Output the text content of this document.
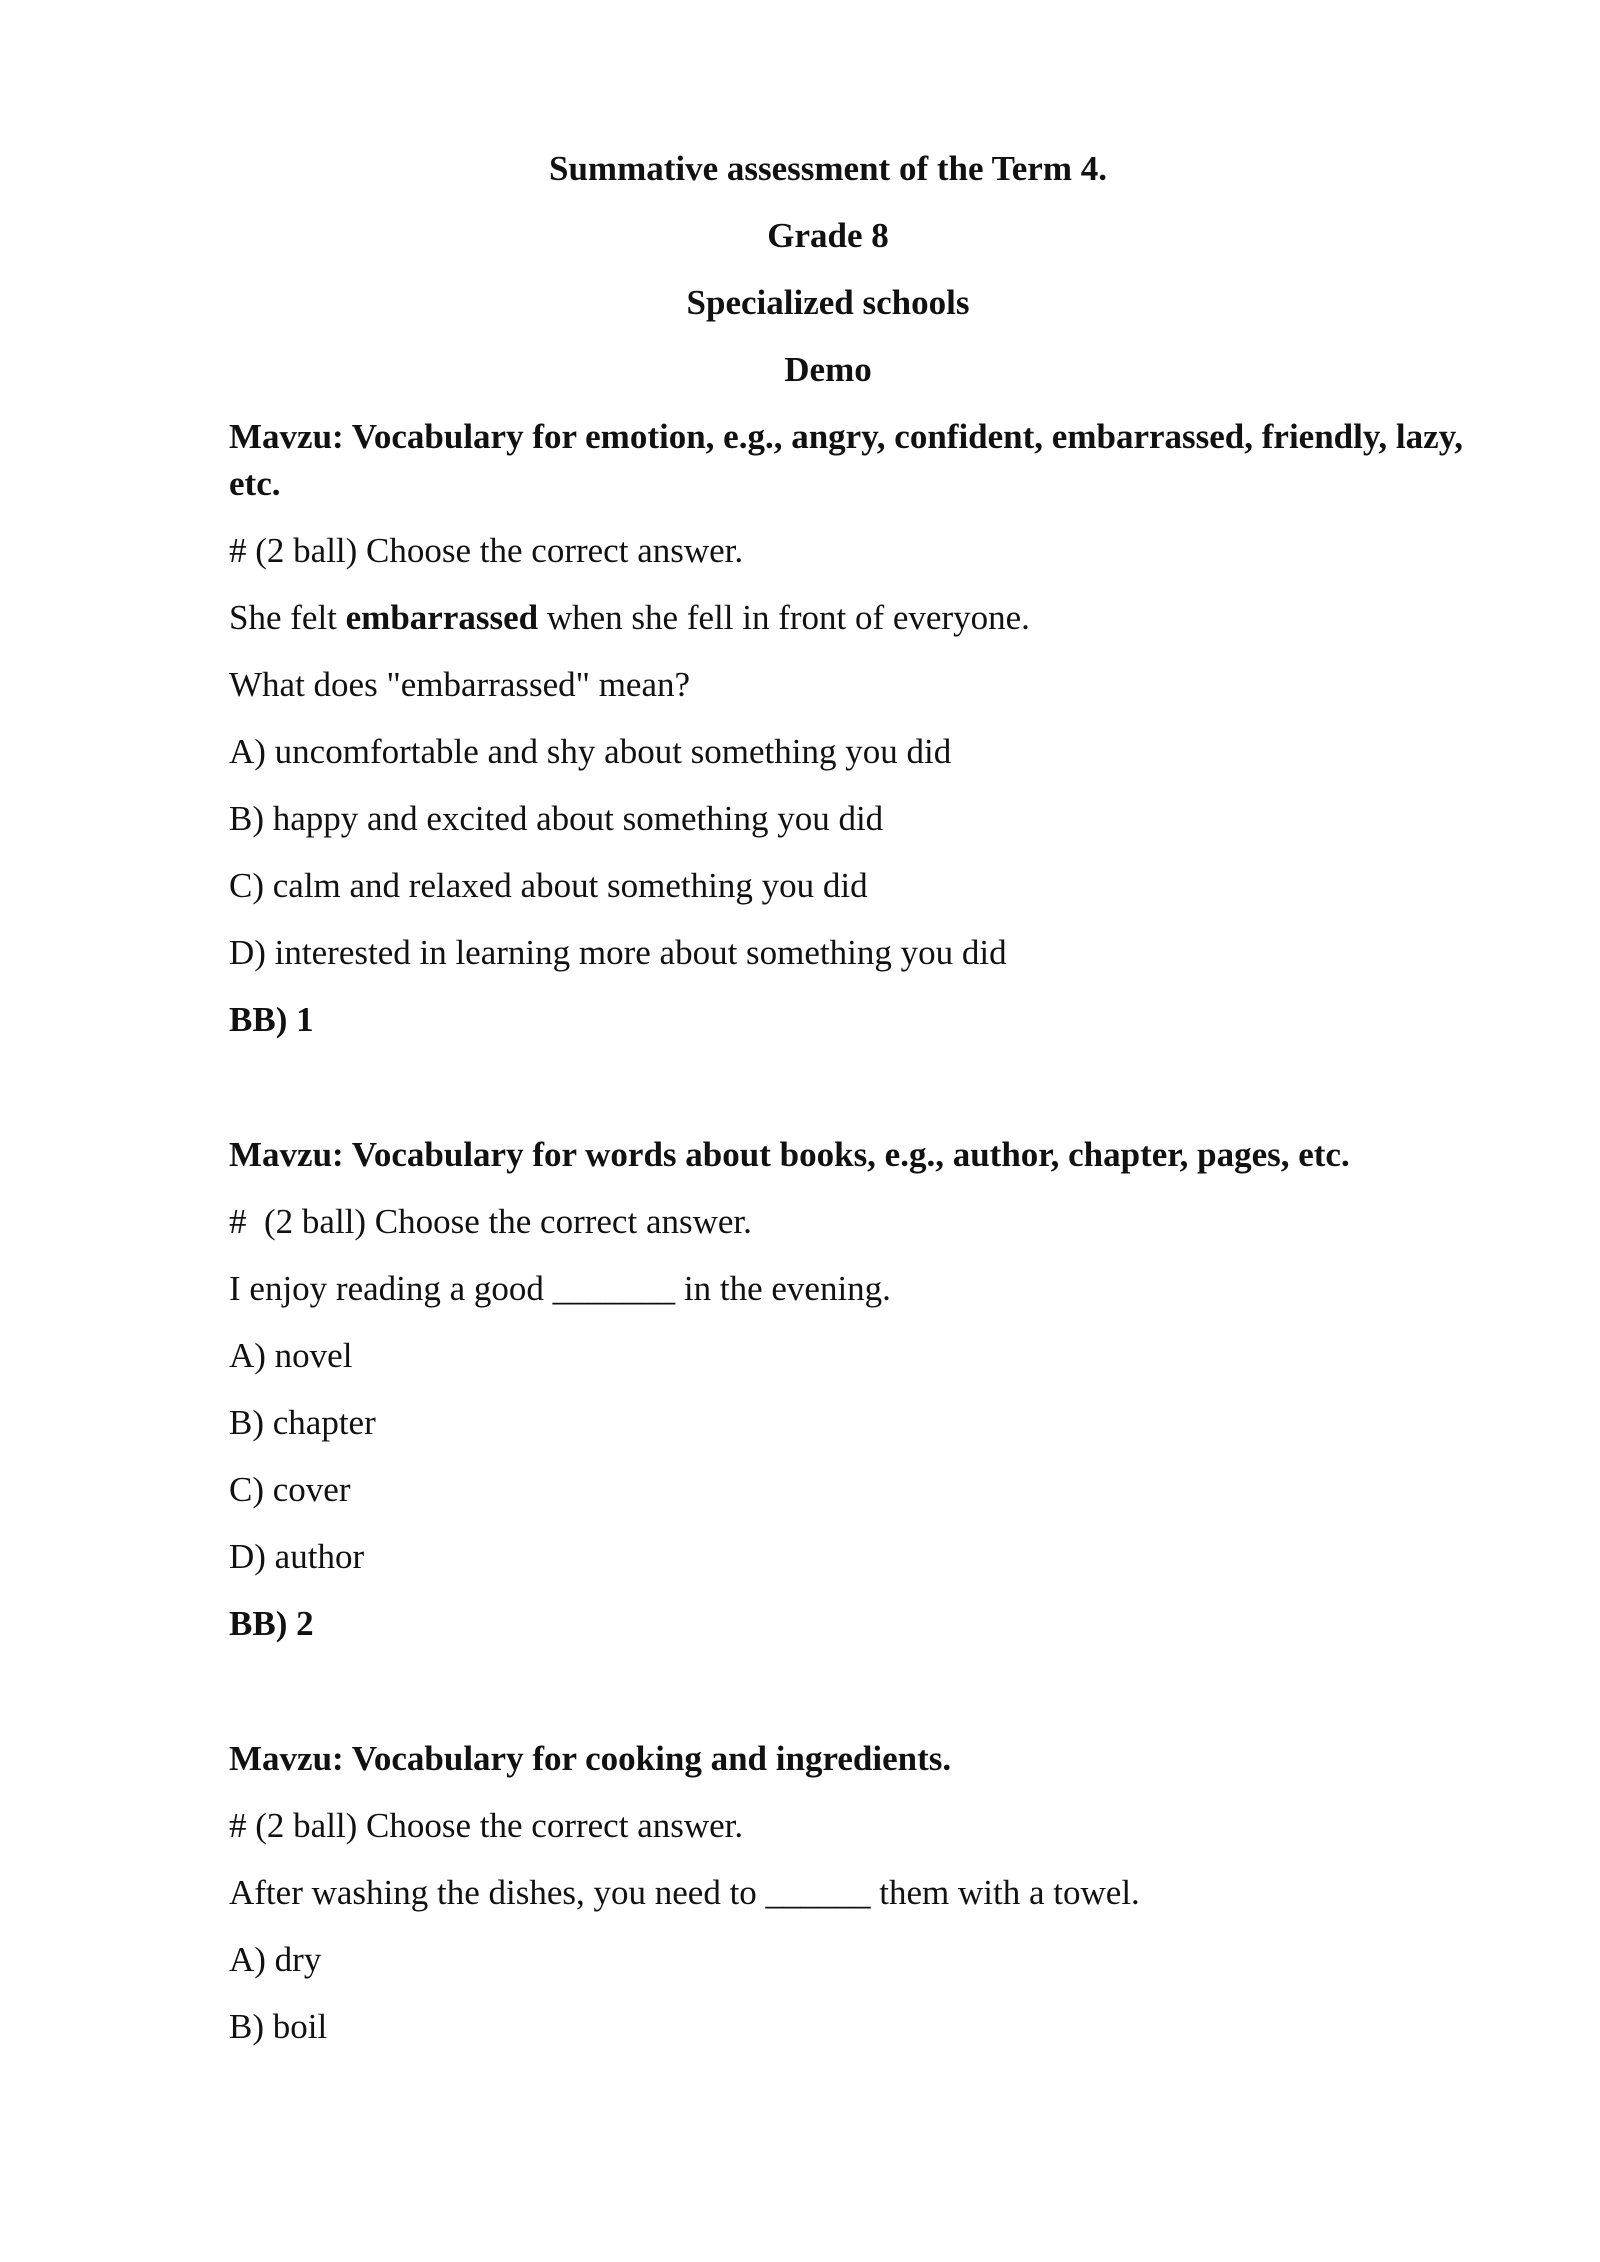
Summative assessment of the Term 4.
Grade 8
Specialized schools
Demo
Mavzu: Vocabulary for emotion, e.g., angry, confident, embarrassed, friendly, lazy, etc.
# (2 ball) Choose the correct answer.
She felt embarrassed when she fell in front of everyone.
What does "embarrassed" mean?
A) uncomfortable and shy about something you did
B) happy and excited about something you did
C) calm and relaxed about something you did
D) interested in learning more about something you did
BB) 1
Mavzu: Vocabulary for words about books, e.g., author, chapter, pages, etc.
#  (2 ball) Choose the correct answer.
I enjoy reading a good _______ in the evening.
A) novel
B) chapter
C) cover
D) author
BB) 2
Mavzu: Vocabulary for cooking and ingredients.
# (2 ball) Choose the correct answer.
After washing the dishes, you need to ______ them with a towel.
A) dry
B) boil
